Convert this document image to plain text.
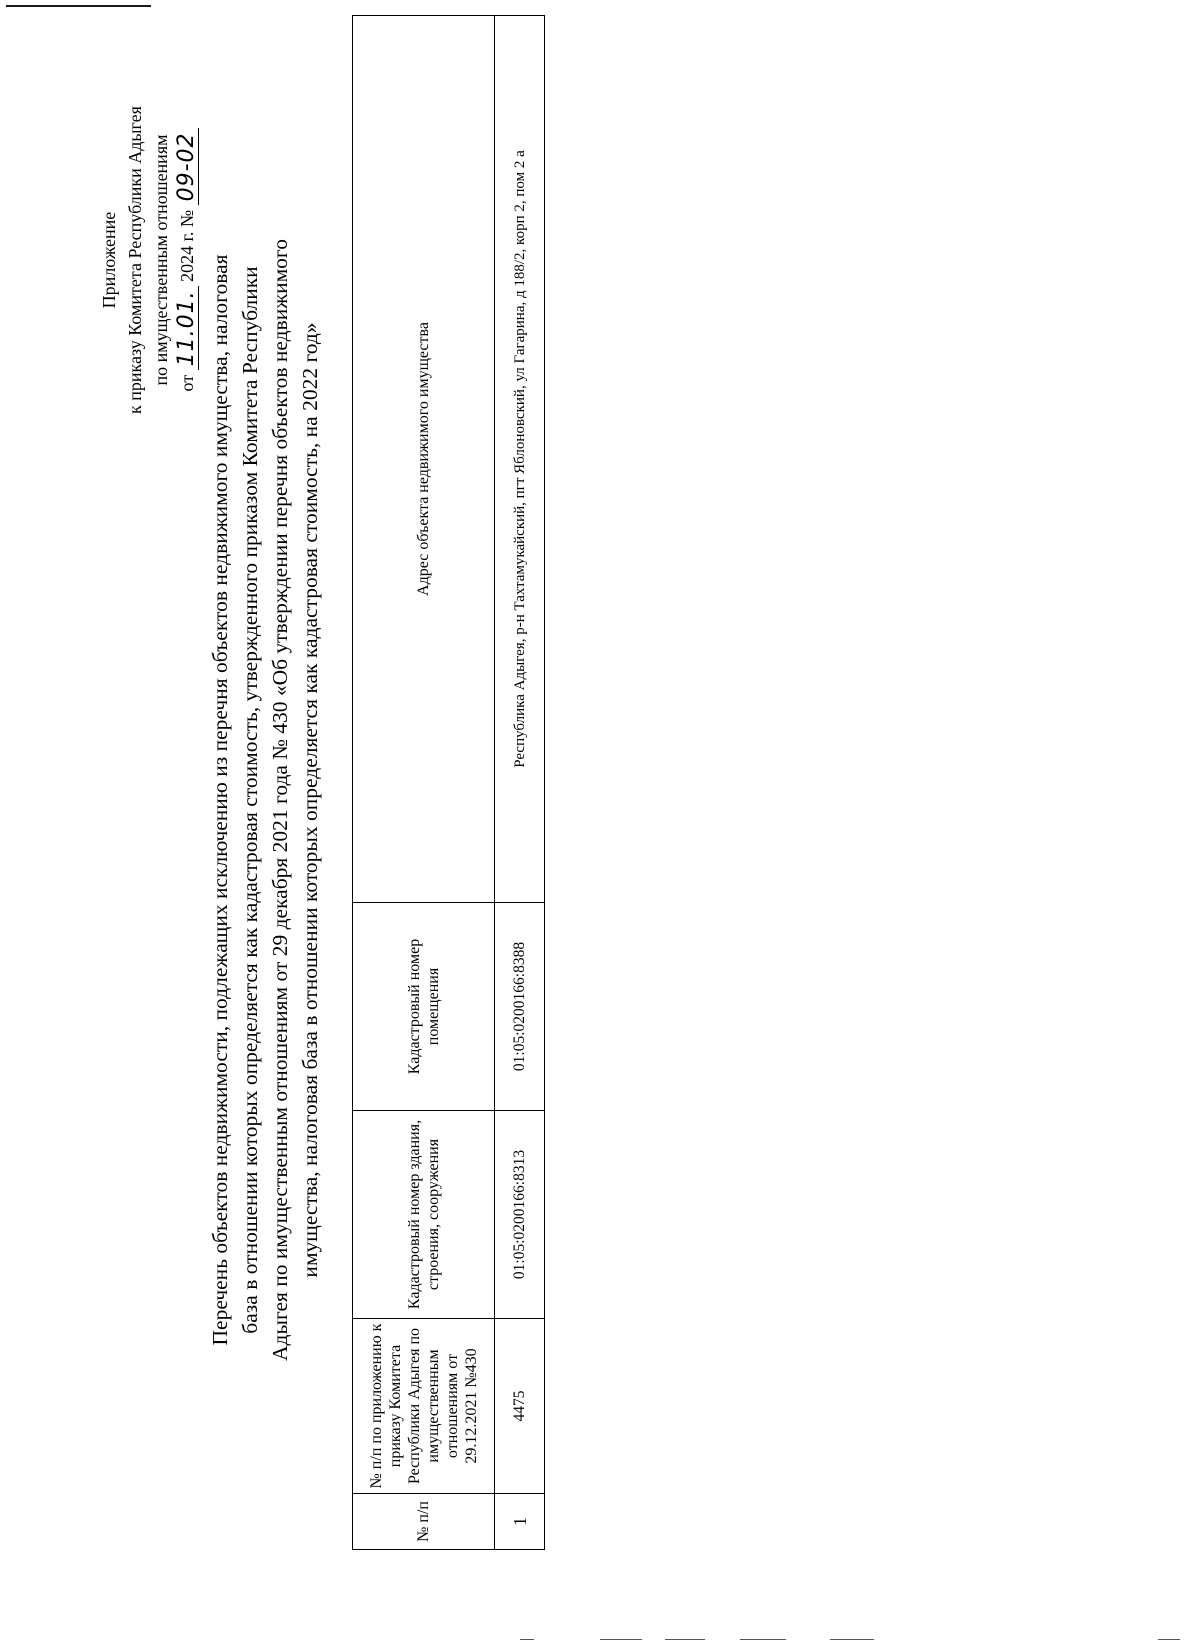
Приложение к приказу Комитета Республики Адыгея по имущественным отношениям от 11.01. 2024 г. № 09-02
Перечень объектов недвижимости, подлежащих исключению из перечня объектов недвижимого имущества, налоговая база в отношении которых определяется как кадастровая стоимость, утвержденного приказом Комитета Республики Адыгея по имущественным отношениям от 29 декабря 2021 года № 430 «Об утверждении перечня объектов недвижимого имущества, налоговая база в отношении которых определяется как кадастровая стоимость, на 2022 год»
№ п/п	№ п/п по приложению к приказу Комитета Республики Адыгея по имущественным отношениям от 29.12.2021 №430	Кадастровый номер здания, строения, сооружения	Кадастровый номер помещения	Адрес объекта недвижимого имущества
1	4475	01:05:0200166:8313	01:05:0200166:8388	Республика Адыгея, р-н Тахтамукайский, пгт Яблоновский, ул Гагарина, д 188/2, корп 2, пом 2 а
